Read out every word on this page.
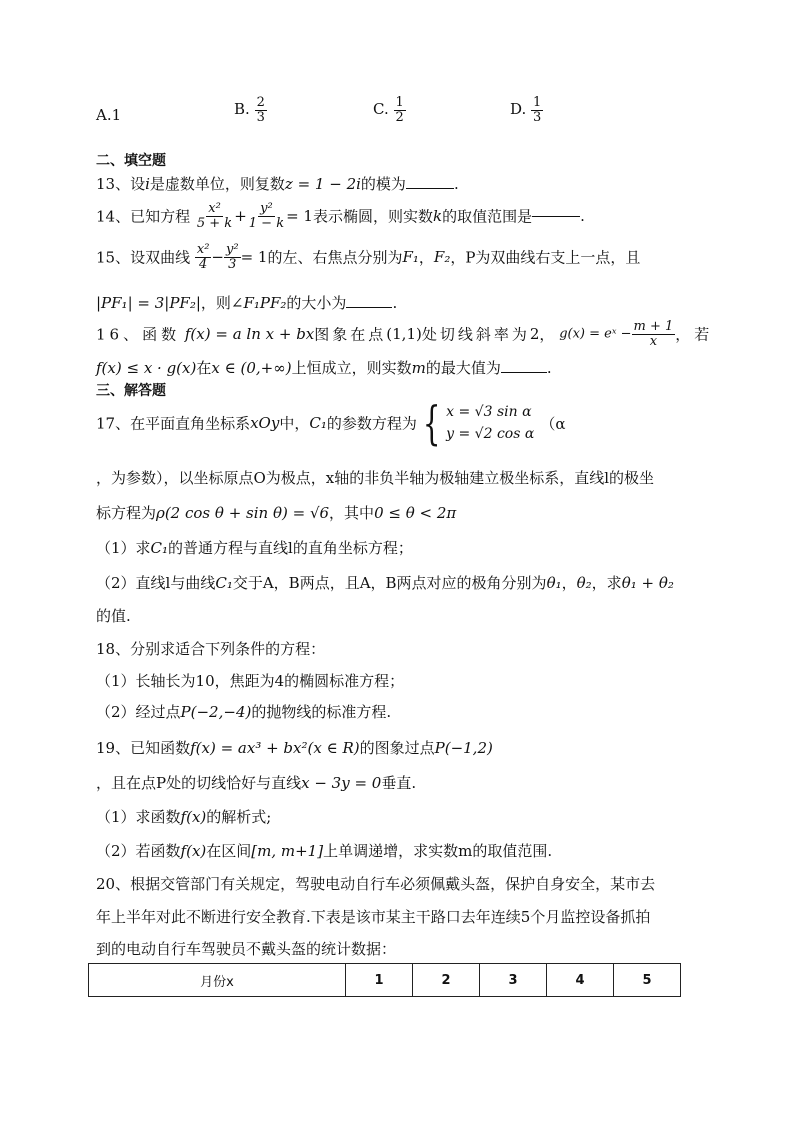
A.1	B. $\frac{2}{3}$	C. $\frac{1}{2}$	D. $\frac{1}{3}$
二、填空题
13、设i是虚数单位，则复数z = 1 − 2i的模为	.
14、已知方程 $\frac{\text{x²}}{5 + k} + \frac{\text{y²}}{1 - k} = 1$表示椭圆，则实数k的取值范围是	.
15、设双曲线 $\frac{\text{x²}}{4} - \frac{\text{y²}}{3} = 1$的左、右焦点分别为F₁，F₂，P为双曲线右支上一点，且
|PF₁| = 3|PF₂|，则∠F₁PF₂的大小为	.
16、函数 f(x) = a ln x + bx图象在点(1,1)处切线斜率为2， g(x) = eˣ − $\frac{m + 1}{x}$ ，若
f(x) ≤ x · g(x)在x ∈ (0,+∞)上恒成立，则实数m的最大值为	.
三、解答题
17、在平面直角坐标系xOy中，C₁的参数方程为 { x = √3 sin α
y = √2 cos α
（α
，为参数），以坐标原点O为极点，x轴的非负半轴为极轴建立极坐标系，直线l的极坐
标方程为ρ(2 cos θ + sin θ) = √6，其中0 ≤ θ < 2π
（1）求C₁的普通方程与直线l的直角坐标方程；
（2）直线l与曲线C₁交于A，B两点，且A，B两点对应的极角分别为θ₁，θ₂，求θ₁ + θ₂
的值.
18、分别求适合下列条件的方程：
（1）长轴长为10，焦距为4的椭圆标准方程；
（2）经过点P(−2,−4)的抛物线的标准方程.
19、已知函数f(x) = ax³ + bx²(x ∈ R)的图象过点P(−1,2)
，且在点P处的切线恰好与直线x − 3y = 0垂直.
（1）求函数f(x)的解析式;
（2）若函数f(x)在区间[m, m+1]上单调递增，求实数m的取值范围.
20、根据交管部门有关规定，驾驶电动自行车必须佩戴头盔，保护自身安全，某市去
年上半年对此不断进行安全教育.下表是该市某主干路口去年连续5个月监控设备抓拍
到的电动自行车驾驶员不戴头盔的统计数据：
月份x	1	2	3	4	5
